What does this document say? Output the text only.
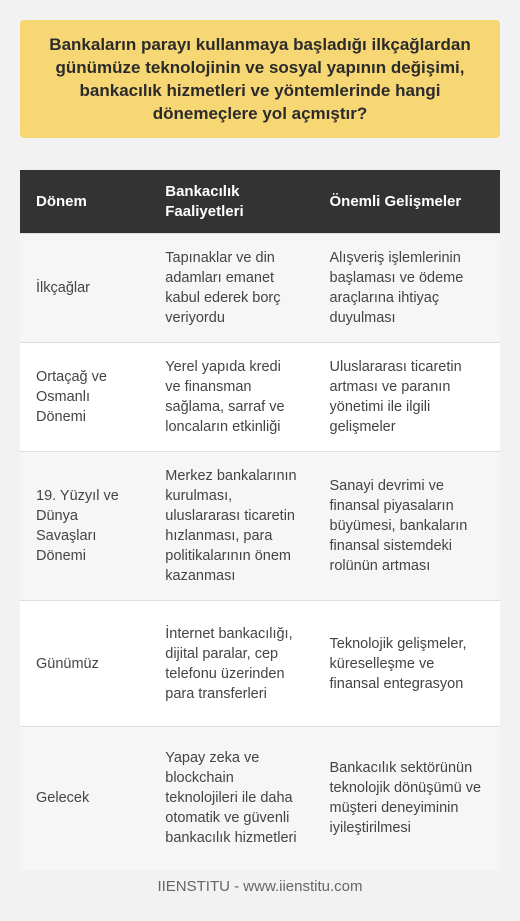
Bankaların parayı kullanmaya başladığı ilkçağlardan günümüze teknolojinin ve sosyal yapının değişimi, bankacılık hizmetleri ve yöntemlerinde hangi dönemeçlere yol açmıştır?
Dönem	Bankacılık Faaliyetleri	Önemli Gelişmeler
İlkçağlar	Tapınaklar ve din adamları emanet kabul ederek borç veriyordu	Alışveriş işlemlerinin başlaması ve ödeme araçlarına ihtiyaç duyulması
Ortaçağ ve Osmanlı Dönemi	Yerel yapıda kredi ve finansman sağlama, sarraf ve loncaların etkinliği	Uluslararası ticaretin artması ve paranın yönetimi ile ilgili gelişmeler
19. Yüzyıl ve Dünya Savaşları Dönemi	Merkez bankalarının kurulması, uluslararası ticaretin hızlanması, para politikalarının önem kazanması	Sanayi devrimi ve finansal piyasaların büyümesi, bankaların finansal sistemdeki rolünün artması
Günümüz	İnternet bankacılığı, dijital paralar, cep telefonu üzerinden para transferleri	Teknolojik gelişmeler, küreselleşme ve finansal entegrasyon
Gelecek	Yapay zeka ve blockchain teknolojileri ile daha otomatik ve güvenli bankacılık hizmetleri	Bankacılık sektörünün teknolojik dönüşümü ve müşteri deneyiminin iyileştirilmesi
IIENSTITU - www.iienstitu.com
